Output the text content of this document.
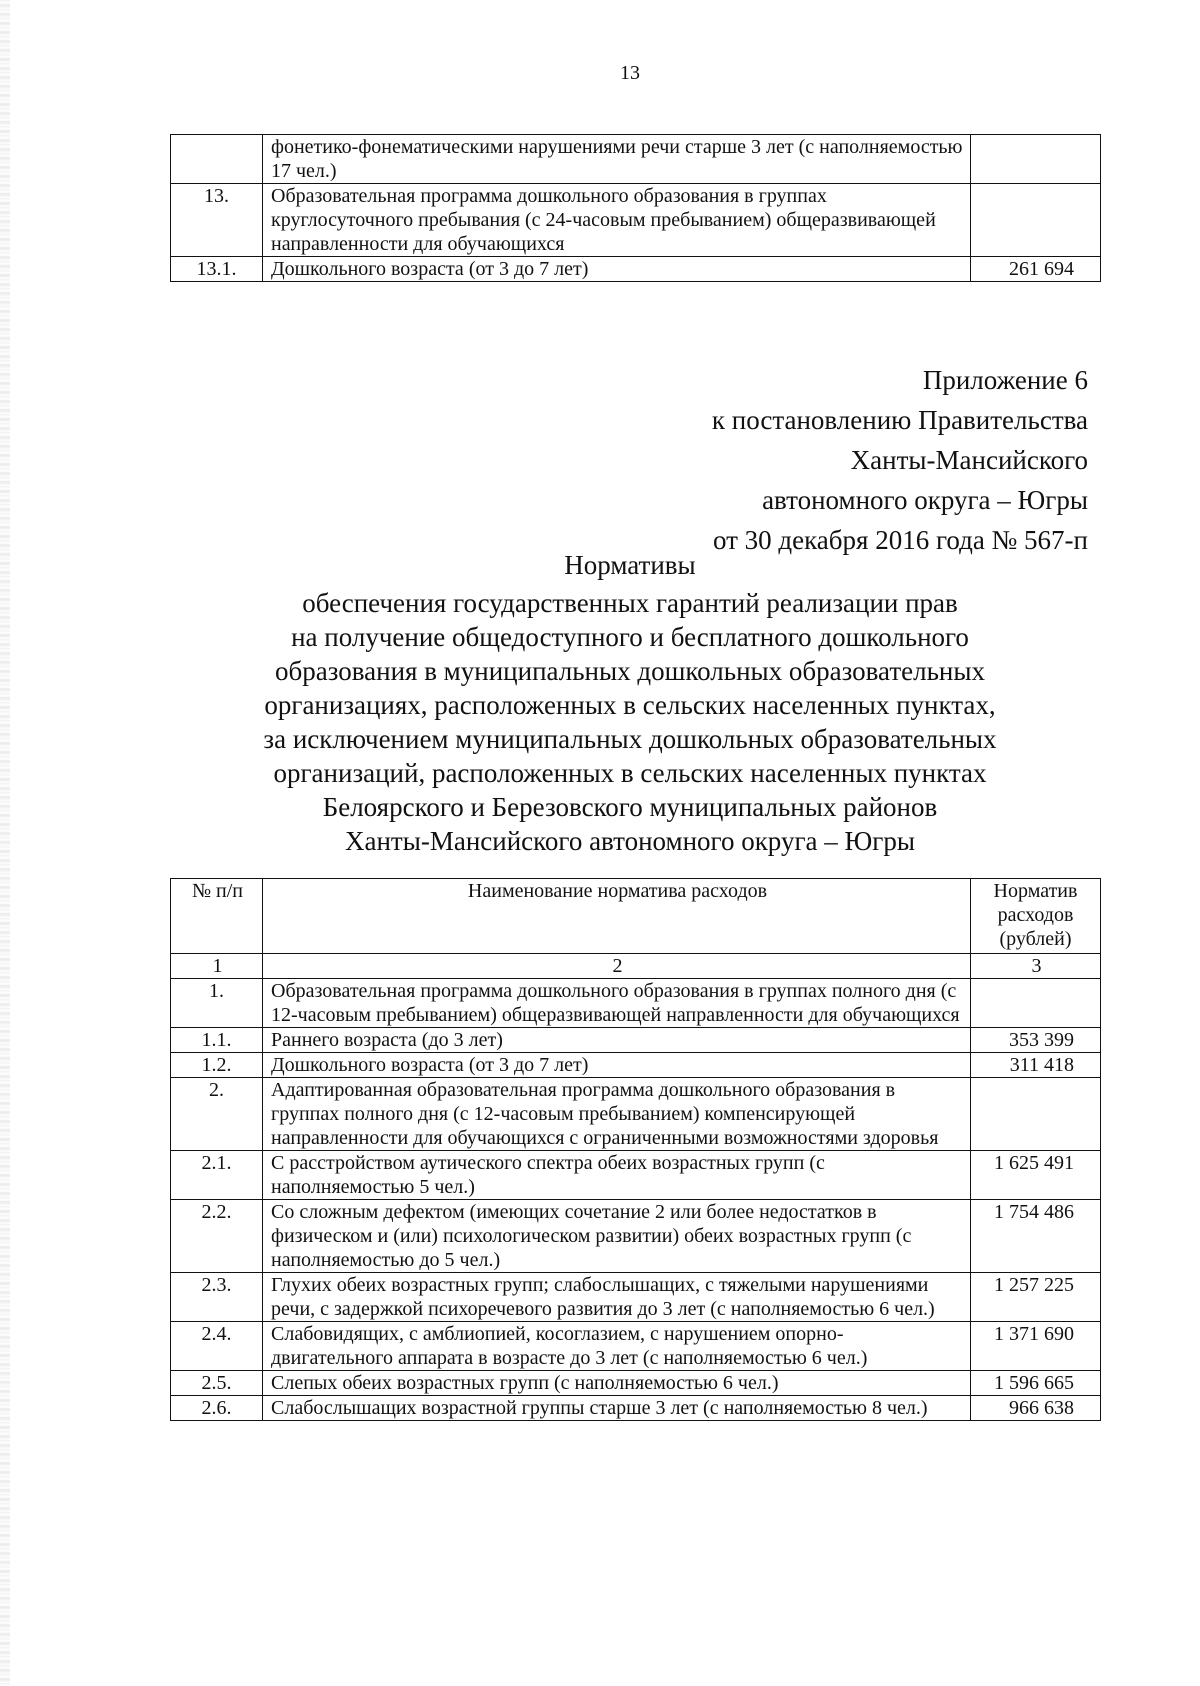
13
	фонетико-фонематическими нарушениями речи старше 3 лет (с наполняемостью 17 чел.)	
13.	Образовательная программа дошкольного образования в группах круглосуточного пребывания (с 24-часовым пребыванием) общеразвивающей направленности для обучающихся	
13.1.	Дошкольного возраста (от 3 до 7 лет)	261 694
Приложение 6
к постановлению Правительства
Ханты-Мансийского
автономного округа – Югры
от 30 декабря 2016 года № 567-п
Нормативы
обеспечения государственных гарантий реализации прав
на получение общедоступного и бесплатного дошкольного
образования в муниципальных дошкольных образовательных
организациях, расположенных в сельских населенных пунктах,
за исключением муниципальных дошкольных образовательных
организаций, расположенных в сельских населенных пунктах
Белоярского и Березовского муниципальных районов
Ханты-Мансийского автономного округа – Югры
№ п/п	Наименование норматива расходов	Норматив расходов (рублей)
1	2	3
1.	Образовательная программа дошкольного образования в группах полного дня (с 12-часовым пребыванием) общеразвивающей направленности для обучающихся	
1.1.	Раннего возраста (до 3 лет)	353 399
1.2.	Дошкольного возраста (от 3 до 7 лет)	311 418
2.	Адаптированная образовательная программа дошкольного образования в группах полного дня (с 12-часовым пребыванием) компенсирующей направленности для обучающихся с ограниченными возможностями здоровья	
2.1.	С расстройством аутического спектра обеих возрастных групп (с наполняемостью 5 чел.)	1 625 491
2.2.	Со сложным дефектом (имеющих сочетание 2 или более недостатков в физическом и (или) психологическом развитии) обеих возрастных групп (с наполняемостью до 5 чел.)	1 754 486
2.3.	Глухих обеих возрастных групп; слабослышащих, с тяжелыми нарушениями речи, с задержкой психоречевого развития до 3 лет (с наполняемостью 6 чел.)	1 257 225
2.4.	Слабовидящих, с амблиопией, косоглазием, с нарушением опорно-двигательного аппарата в возрасте до 3 лет (с наполняемостью 6 чел.)	1 371 690
2.5.	Слепых обеих возрастных групп (с наполняемостью 6 чел.)	1 596 665
2.6.	Слабослышащих возрастной группы старше 3 лет (с наполняемостью 8 чел.)	966 638
